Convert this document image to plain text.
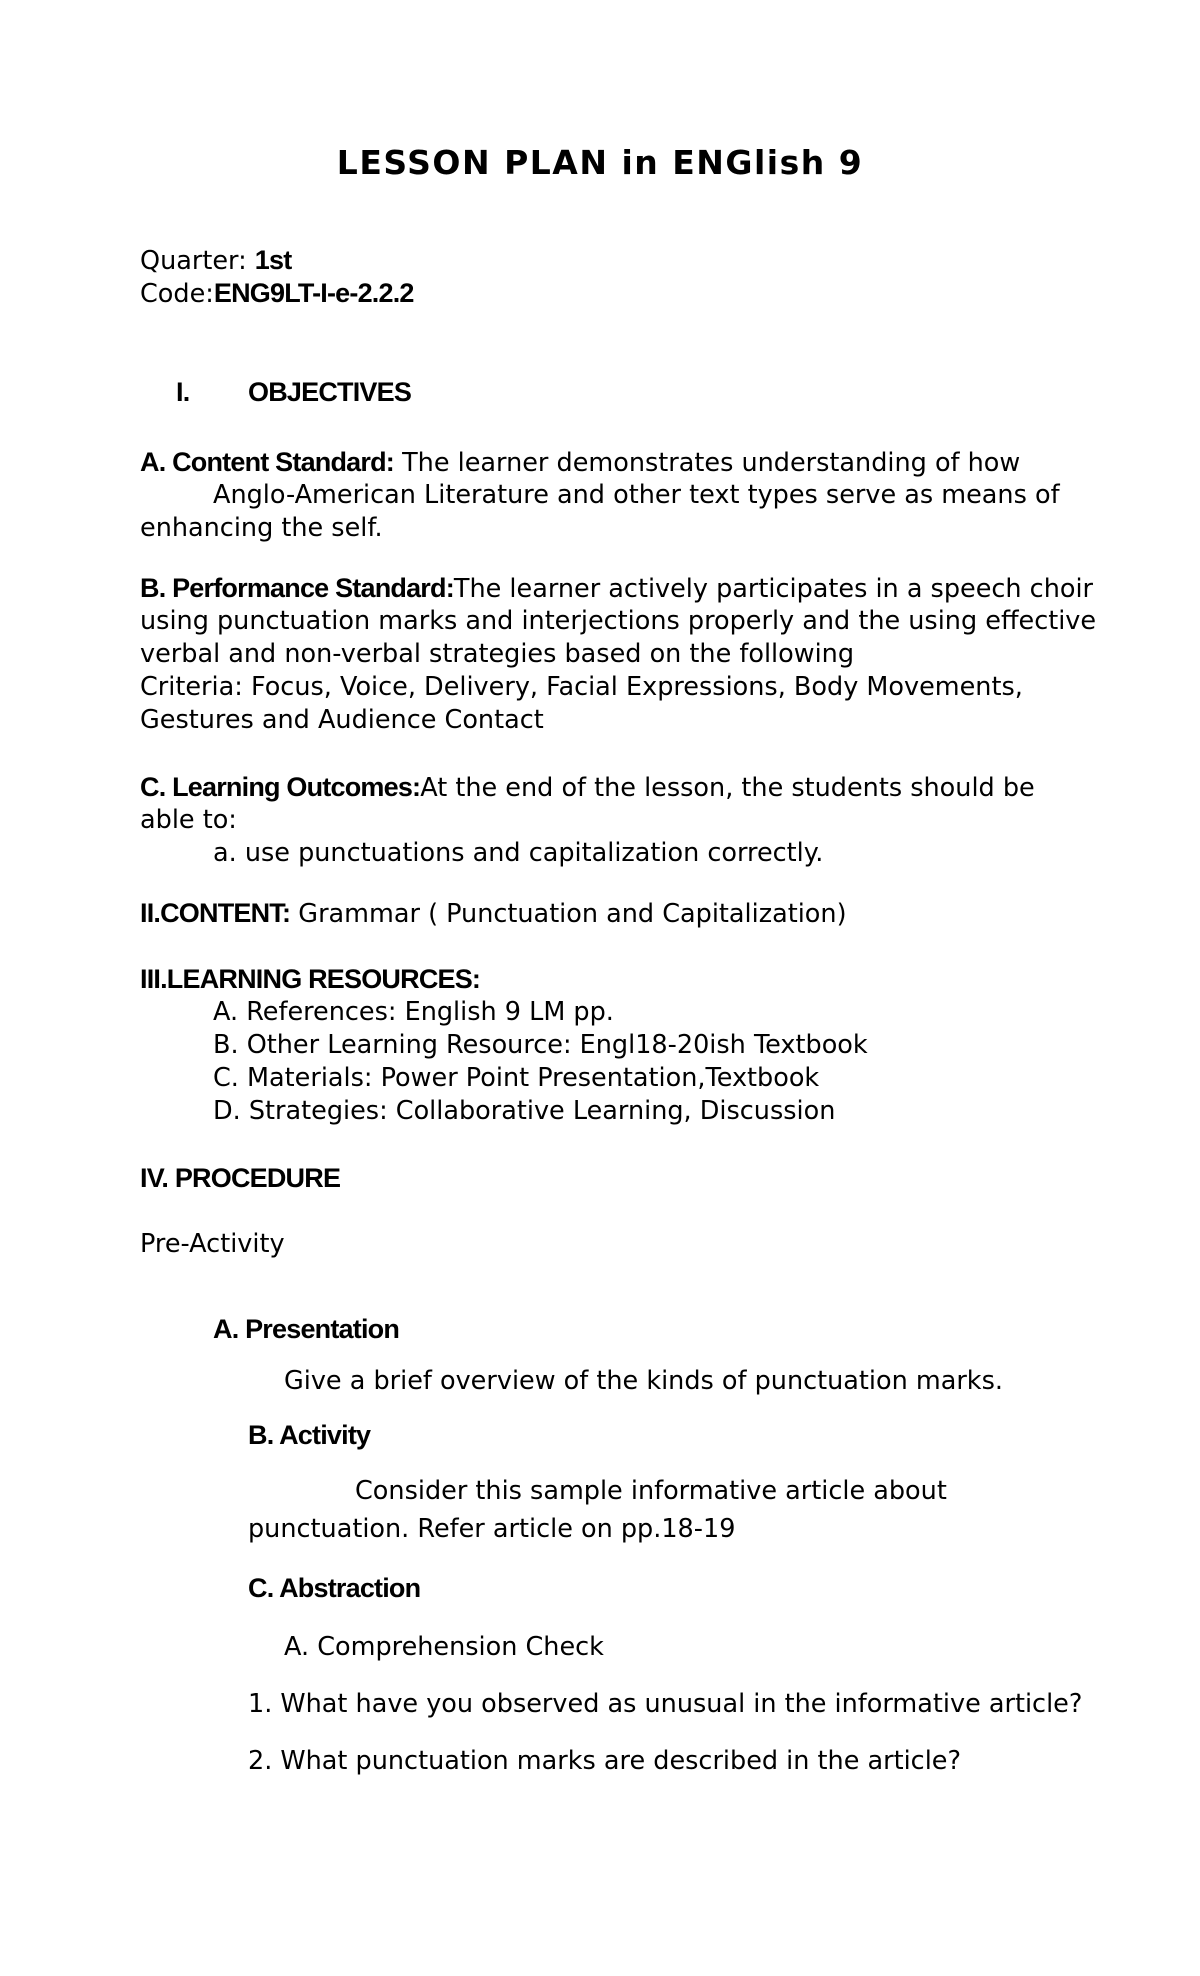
LESSON PLAN in ENGlish 9

Quarter: 1st

Code:ENG9LT-I-e-2.2.2

I. OBJECTIVES

A. Content Standard: The learner demonstrates understanding of how

Anglo-American Literature and other text types serve as means of

enhancing the self.

B. Performance Standard:The learner actively participates in a speech choir

using punctuation marks and interjections properly and the using effective

verbal and non-verbal strategies based on the following

Criteria: Focus, Voice, Delivery, Facial Expressions, Body Movements,

Gestures and Audience Contact

C. Learning Outcomes:At the end of the lesson, the students should be

able to:

a. use punctuations and capitalization correctly.

II.CONTENT: Grammar ( Punctuation and Capitalization)

III.LEARNING RESOURCES:

A. References: English 9 LM pp.

B. Other Learning Resource: Engl18-20ish Textbook

C. Materials: Power Point Presentation,Textbook

D. Strategies: Collaborative Learning, Discussion

IV. PROCEDURE

Pre-Activity

A. Presentation

Give a brief overview of the kinds of punctuation marks.

B. Activity

Consider this sample informative article about

punctuation. Refer article on pp.18-19

C. Abstraction

A. Comprehension Check

1. What have you observed as unusual in the informative article?

2. What punctuation marks are described in the article?
